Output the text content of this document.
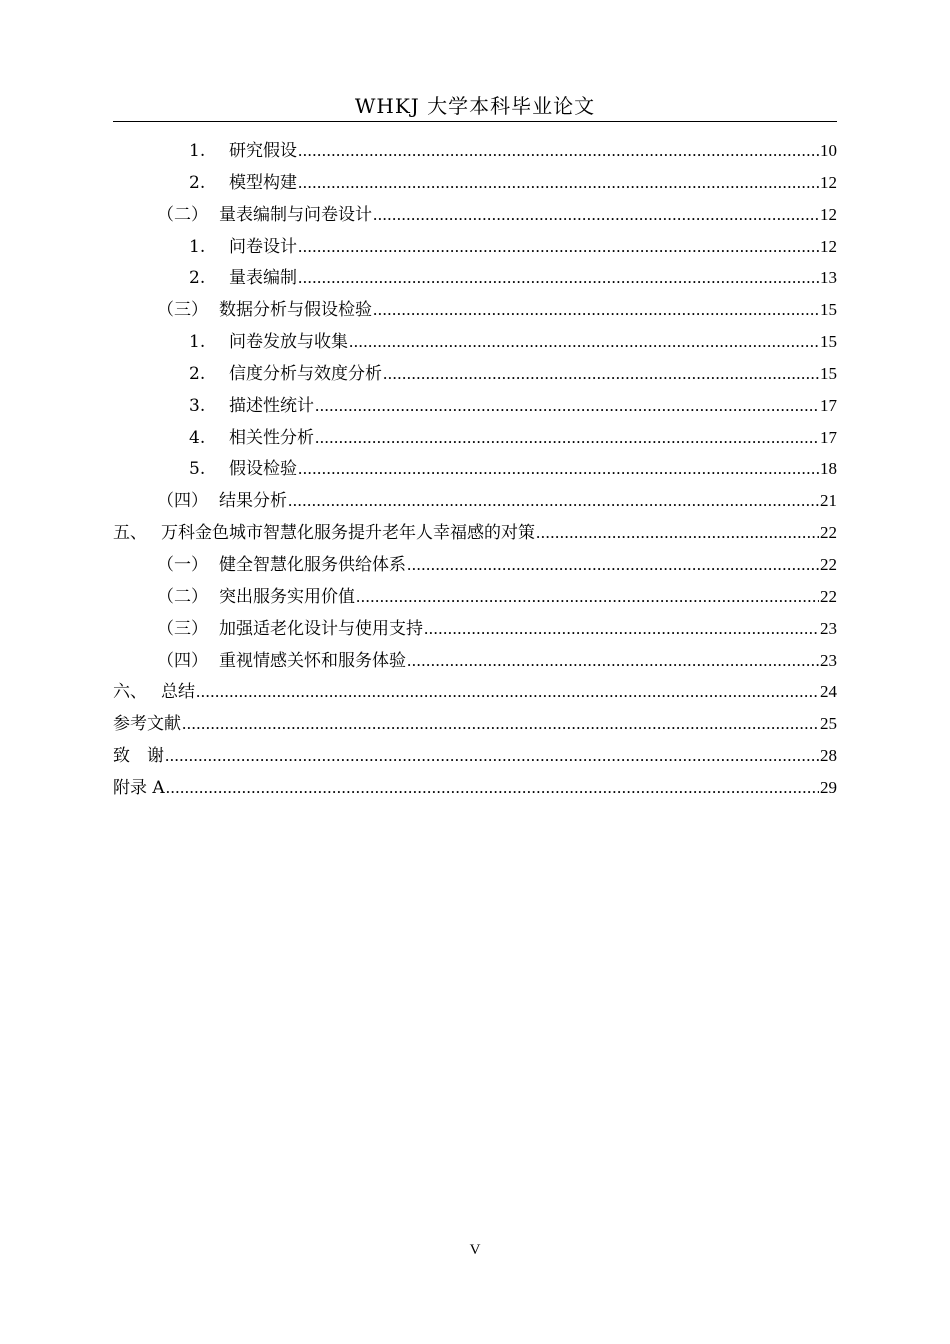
WHKJ 大学本科毕业论文
1.	研究假设 .....	10
2.	模型构建 .....	12
（二） 量表编制与问卷设计 .....	12
1.	问卷设计 .....	12
2.	量表编制 .....	13
（三） 数据分析与假设检验 .....	15
1.	问卷发放与收集 .....	15
2.	信度分析与效度分析 .....	15
3.	描述性统计 .....	17
4.	相关性分析 .....	17
5.	假设检验 .....	18
（四） 结果分析 .....	21
五、 万科金色城市智慧化服务提升老年人幸福感的对策 .....	22
（一） 健全智慧化服务供给体系 .....	22
（二） 突出服务实用价值 .....	22
（三） 加强适老化设计与使用支持 .....	23
（四） 重视情感关怀和服务体验 .....	23
六、 总结 .....	24
参考文献 .....	25
致　谢 .....	28
附录 A .....	29
V
